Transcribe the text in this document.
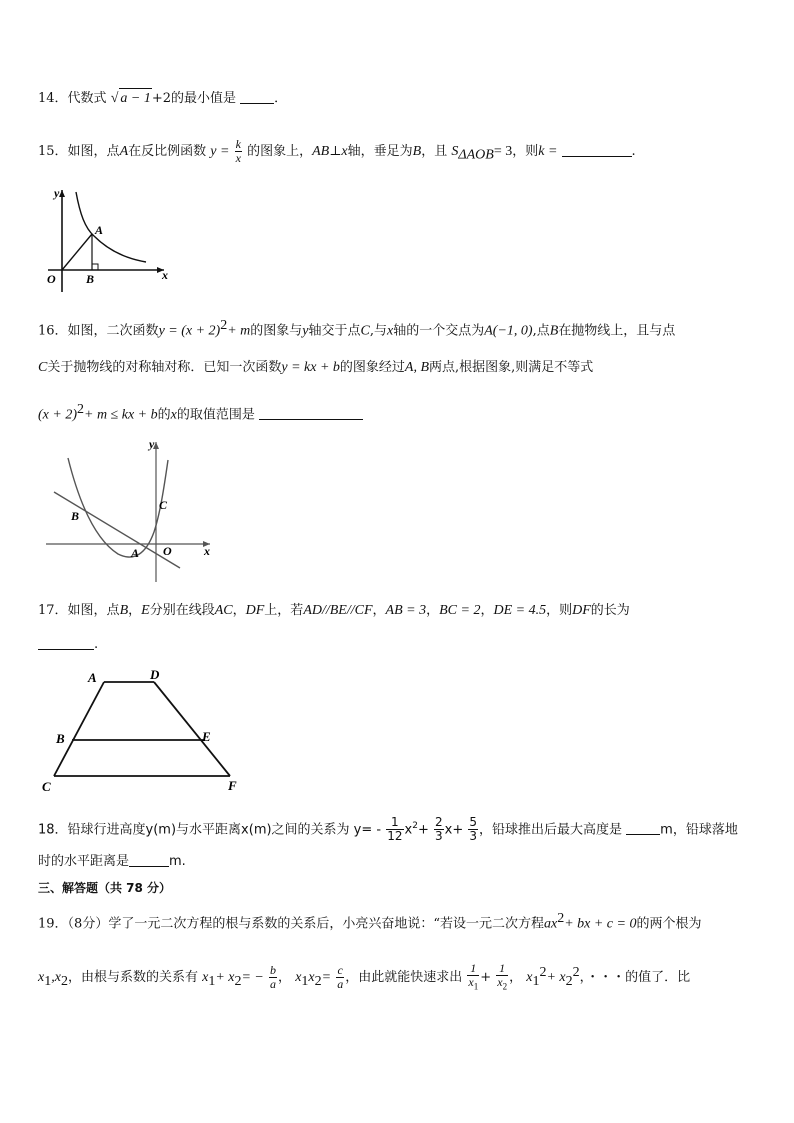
14．代数式 √ a − 1+2的最小值是	．
15．如图，点A在反比例函数 $y = \frac{k}{x}$ 的图象上，AB⊥x轴，垂足为B，且 $S_{\Delta AOB}= 3$，则k =	.
y
x
O
A
B
16．如图，二次函数$y = (x + 2)^2+ m$的图象与y轴交于点C,与x轴的一个交点为A(−1, 0),点B在抛物线上，且与点
C关于抛物线的对称轴对称．已知一次函数y = kx + b的图象经过A, B两点,根据图象,则满足不等式
$(x + 2)^2+ m$ ≤ kx + b的x的取值范围是
y
x
O
A
B
C
17．如图，点B，E分别在线段AC，DF上，若AD//BE//CF，AB = 3，BC = 2，DE = 4.5，则DF的长为
.
A	D
B	E
C	F
18．铅球行进高度y(m)与水平距离x(m)之间的关系为 $y= - \frac{1}{12} x^2+ \frac{2}{3} x+ \frac{5}{3}$ ，铅球推出后最大高度是	m，铅球落地
时的水平距离是	m.
三、解答题（共 78 分）
19．（8分）学了一元二次方程的根与系数的关系后，小亮兴奋地说：“若设一元二次方程$ax^2+$ bx + c = 0的两个根为
$x_1,x_2$，由根与系数的关系有 $x_1+ x_2= - \frac{b}{a}$ ， $x_1x_2= \frac{c}{a}$ ，由此就能快速求出 $\frac{1}{x_1} + \frac{1}{x_2}$ ， $x_1^2+ x_2^2$，・・・的值了．比
